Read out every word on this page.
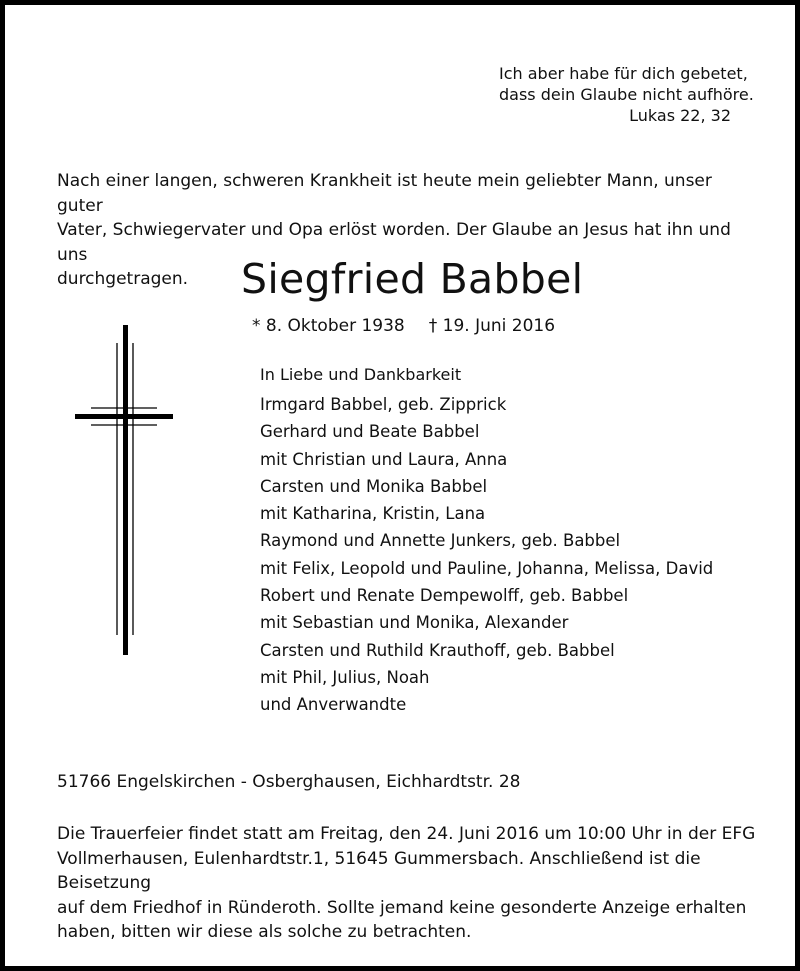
Ich aber habe für dich gebetet,
dass dein Glaube nicht aufhöre.
Lukas 22, 32
Nach einer langen, schweren Krankheit ist heute mein geliebter Mann, unser guter
Vater, Schwiegervater und Opa erlöst worden. Der Glaube an Jesus hat ihn und uns
durchgetragen.	Siegfried Babbel
* 8. Oktober 1938 † 19. Juni 2016
In Liebe und Dankbarkeit
Irmgard Babbel, geb. Zipprick
Gerhard und Beate Babbel
mit Christian und Laura, Anna
Carsten und Monika Babbel
mit Katharina, Kristin, Lana
Raymond und Annette Junkers, geb. Babbel
mit Felix, Leopold und Pauline, Johanna, Melissa, David
Robert und Renate Dempewolff, geb. Babbel
mit Sebastian und Monika, Alexander
Carsten und Ruthild Krauthoff, geb. Babbel
mit Phil, Julius, Noah
und Anverwandte
51766 Engelskirchen - Osberghausen, Eichhardtstr. 28
Die Trauerfeier findet statt am Freitag, den 24. Juni 2016 um 10:00 Uhr in der EFG
Vollmerhausen, Eulenhardtstr.1, 51645 Gummersbach. Anschließend ist die Beisetzung
auf dem Friedhof in Ründeroth. Sollte jemand keine gesonderte Anzeige erhalten
haben, bitten wir diese als solche zu betrachten.
